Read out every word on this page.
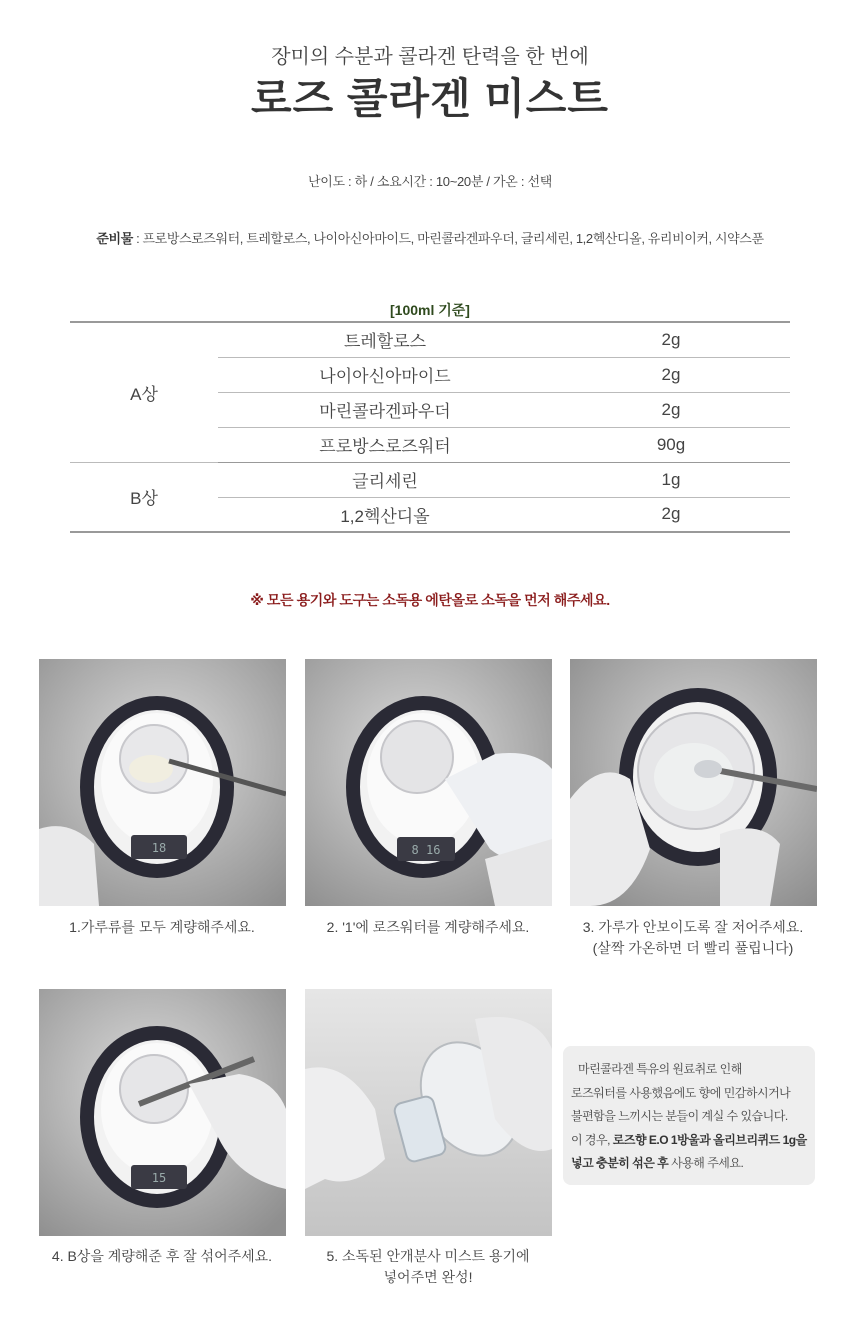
장미의 수분과 콜라겐 탄력을 한 번에
로즈 콜라겐 미스트
난이도 : 하 / 소요시간 : 10~20분 / 가온 : 선택
준비물 : 프로방스로즈워터, 트레할로스, 나이아신아마이드, 마린콜라겐파우더, 글리세린, 1,2헥산디올, 유리비이커, 시약스푼
[100ml 기준]
A상	트레할로스	2g
	나이아신아마이드	2g
	마린콜라겐파우더	2g
	프로방스로즈워터	90g
B상	글리세린	1g
	1,2헥산디올	2g
※ 모든 용기와 도구는 소독용 에탄올로 소독을 먼저 해주세요.
18	8 16
15
1.가루류를 모두 계량해주세요.	2. '1'에 로즈워터를 계량해주세요.	3. 가루가 안보이도록 잘 저어주세요.
(살짝 가온하면 더 빨리 풀립니다)
4. B상을 계량해준 후 잘 섞어주세요.	5. 소독된 안개분사 미스트 용기에
넣어주면 완성!
마린콜라겐 특유의 원료취로 인해
로즈워터를 사용했음에도 향에 민감하시거나
불편함을 느끼시는 분들이 계실 수 있습니다.
이 경우, 로즈향 E.O 1방울과 올리브리퀴드 1g을
넣고 충분히 섞은 후 사용해 주세요.
